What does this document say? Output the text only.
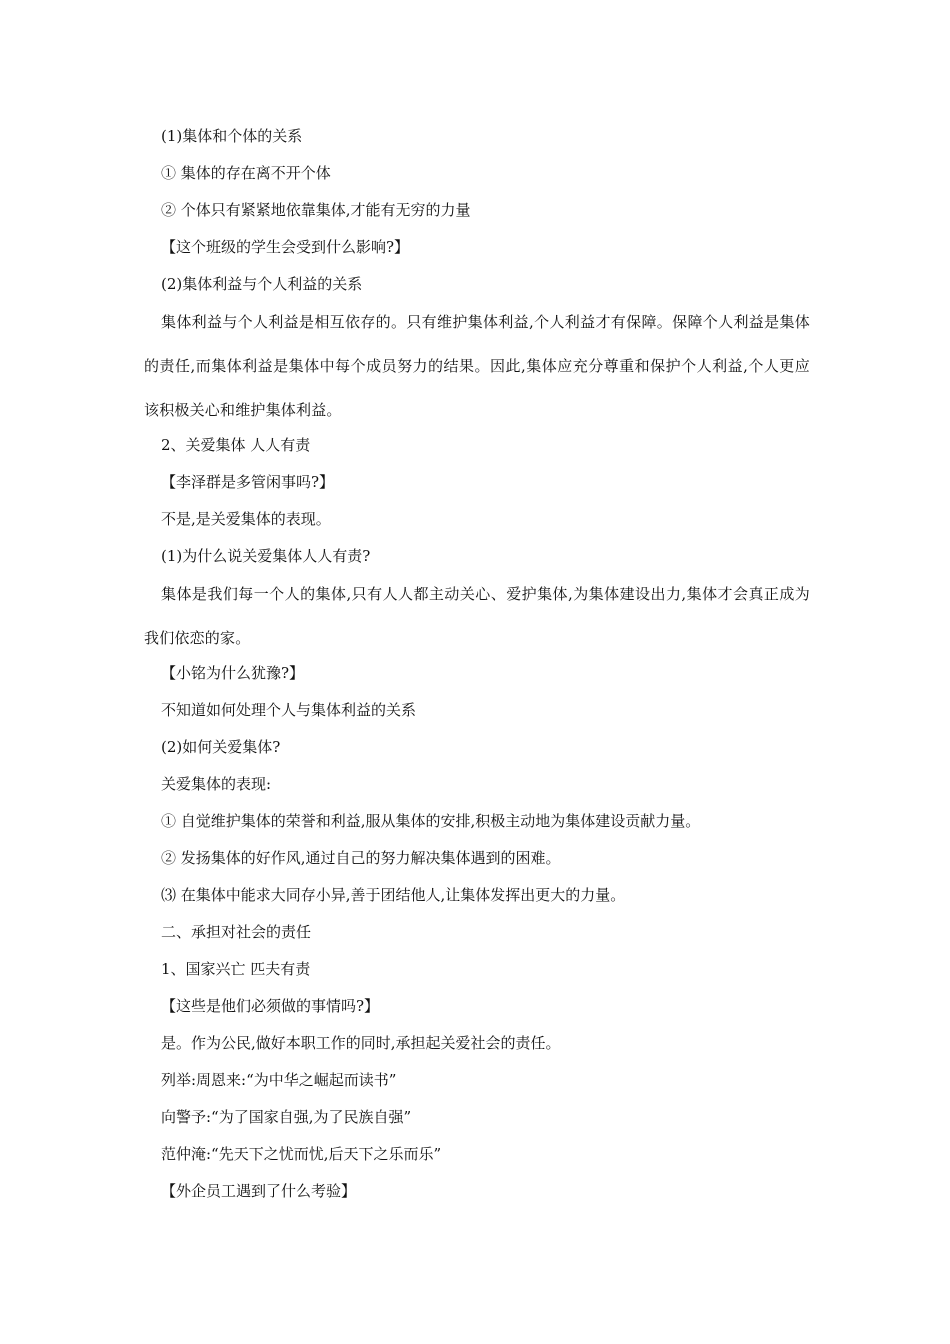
(1)集体和个体的关系
① 集体的存在离不开个体
② 个体只有紧紧地依靠集体,才能有无穷的力量
【这个班级的学生会受到什么影响?】
(2)集体利益与个人利益的关系
集体利益与个人利益是相互依存的。只有维护集体利益,个人利益才有保障。保障个人利益是集体的责任,而集体利益是集体中每个成员努力的结果。因此,集体应充分尊重和保护个人利益,个人更应该积极关心和维护集体利益。
2、关爱集体 人人有责
【李泽群是多管闲事吗?】
不是,是关爱集体的表现。
(1)为什么说关爱集体人人有责?
集体是我们每一个人的集体,只有人人都主动关心、爱护集体,为集体建设出力,集体才会真正成为我们依恋的家。
【小铭为什么犹豫?】
不知道如何处理个人与集体利益的关系
(2)如何关爱集体?
关爱集体的表现:
① 自觉维护集体的荣誉和利益,服从集体的安排,积极主动地为集体建设贡献力量。
② 发扬集体的好作风,通过自己的努力解决集体遇到的困难。
⑶ 在集体中能求大同存小异,善于团结他人,让集体发挥出更大的力量。
二、承担对社会的责任
1、国家兴亡 匹夫有责
【这些是他们必须做的事情吗?】
是。作为公民,做好本职工作的同时,承担起关爱社会的责任。
列举:周恩来:“为中华之崛起而读书”
向警予:“为了国家自强,为了民族自强”
范仲淹:“先天下之忧而忧,后天下之乐而乐”
【外企员工遇到了什么考验】
